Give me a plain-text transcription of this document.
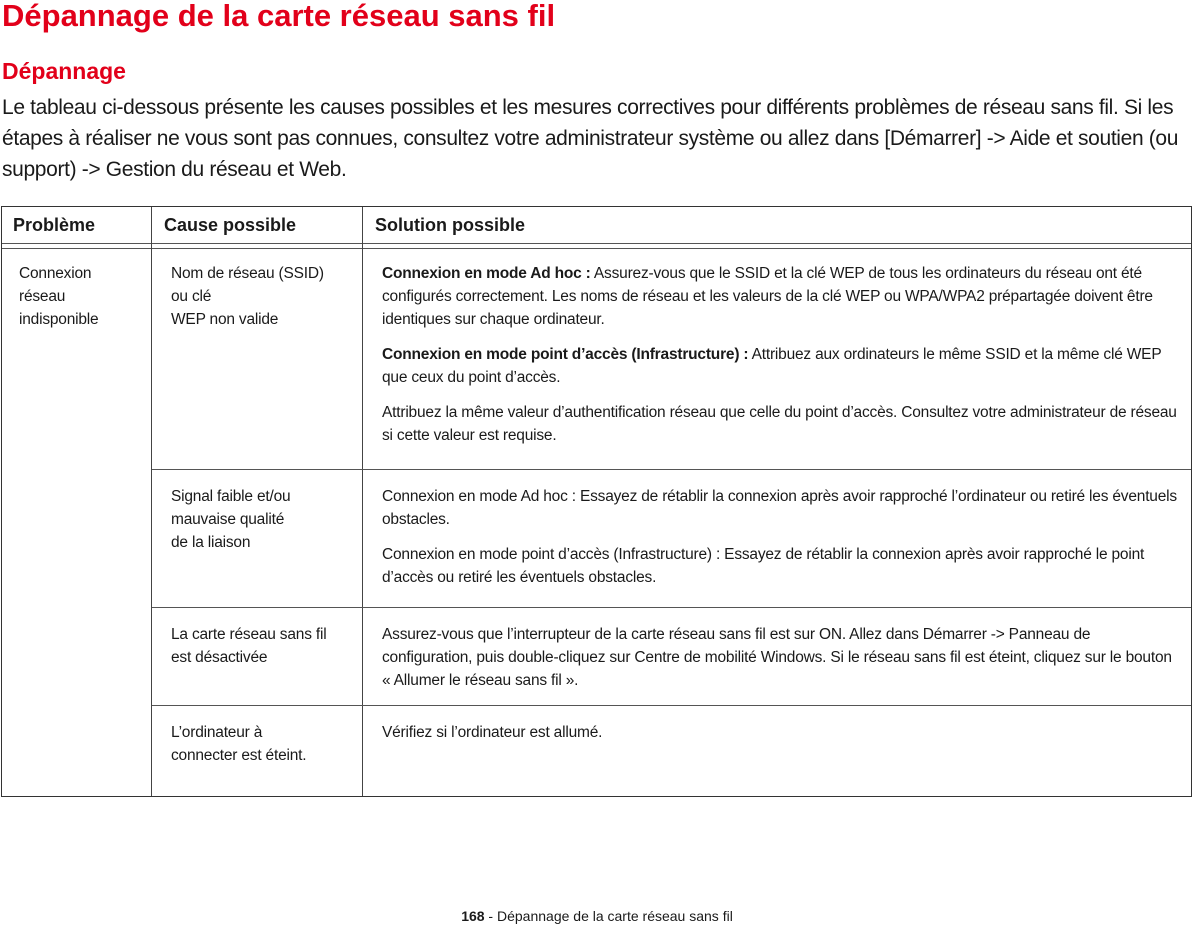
Dépannage de la carte réseau sans fil
Dépannage

Le tableau ci-dessous présente les causes possibles et les mesures correctives pour différents problèmes de réseau sans fil. Si les étapes à réaliser ne vous sont pas connues, consultez votre administrateur système ou allez dans [Démarrer] -> Aide et soutien (ou support) -> Gestion du réseau et Web.

Problème	Cause possible	Solution possible
Connexion
réseau
indisponible
Nom de réseau (SSID)
ou clé
WEP non valide

Connexion en mode Ad hoc : Assurez-vous que le SSID et la clé WEP de tous les ordinateurs du réseau ont été configurés correctement. Les noms de réseau et les valeurs de la clé WEP ou WPA/WPA2 prépartagée doivent être identiques sur chaque ordinateur.

Connexion en mode point d’accès (Infrastructure) : Attribuez aux ordinateurs le même SSID et la même clé WEP que ceux du point d’accès.

Attribuez la même valeur d’authentification réseau que celle du point d’accès. Consultez votre administrateur de réseau si cette valeur est requise.

Signal faible et/ou
mauvaise qualité
de la liaison

Connexion en mode Ad hoc : Essayez de rétablir la connexion après avoir rapproché l’ordinateur ou retiré les éventuels obstacles.

Connexion en mode point d’accès (Infrastructure) : Essayez de rétablir la connexion après avoir rapproché le point d’accès ou retiré les éventuels obstacles.

La carte réseau sans fil
est désactivée

Assurez-vous que l’interrupteur de la carte réseau sans fil est sur ON. Allez dans Démarrer -> Panneau de configuration, puis double-cliquez sur Centre de mobilité Windows. Si le réseau sans fil est éteint, cliquez sur le bouton « Allumer le réseau sans fil ».

L’ordinateur à
connecter est éteint.

Vérifiez si l’ordinateur est allumé.

168 - Dépannage de la carte réseau sans fil
